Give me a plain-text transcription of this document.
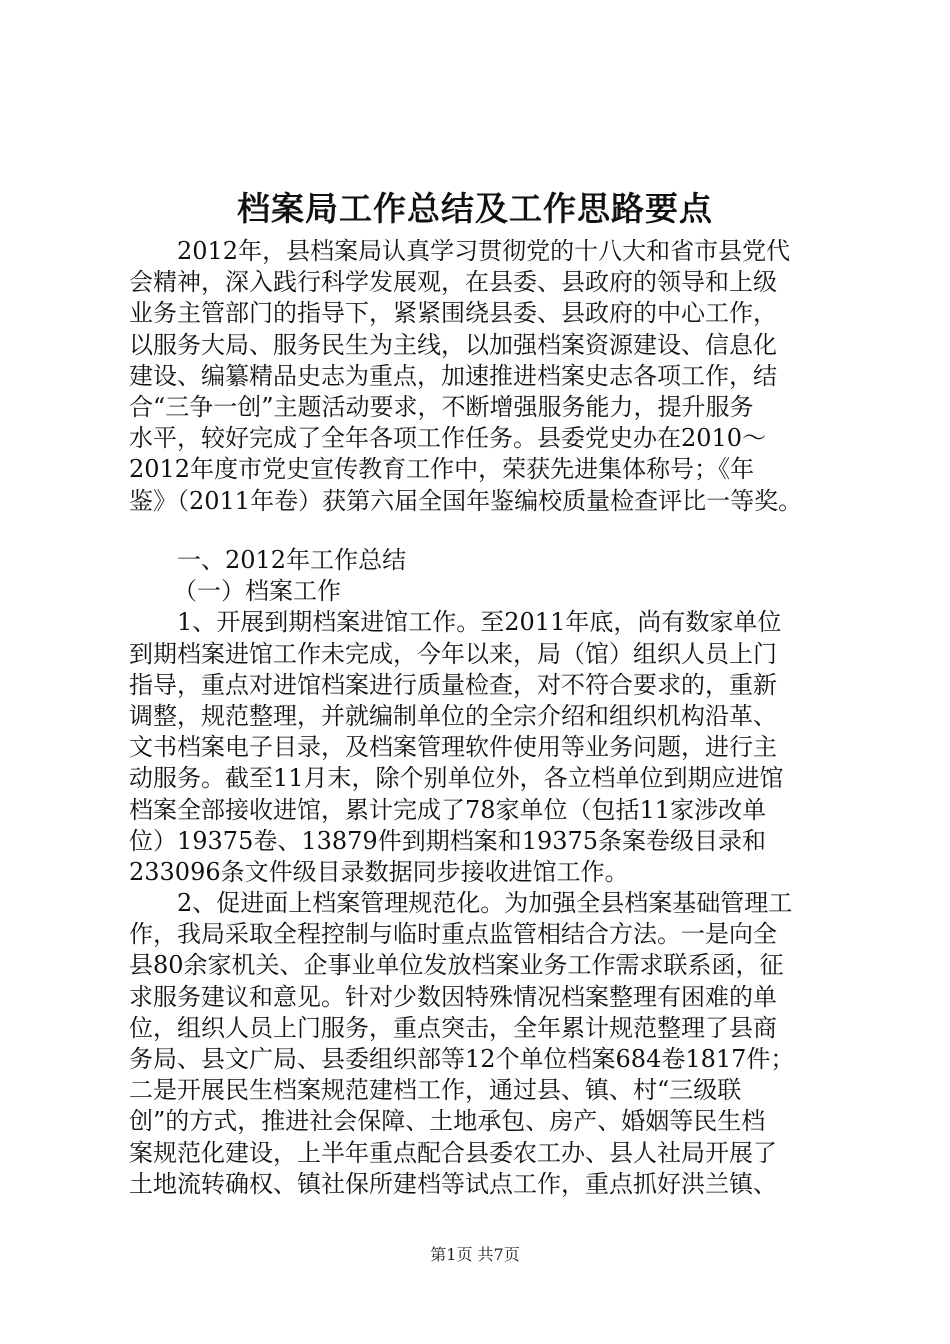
档案局工作总结及工作思路要点
2012年，县档案局认真学习贯彻党的十八大和省市县党代
会精神，深入践行科学发展观，在县委、县政府的领导和上级
业务主管部门的指导下，紧紧围绕县委、县政府的中心工作，
以服务大局、服务民生为主线，以加强档案资源建设、信息化
建设、编纂精品史志为重点，加速推进档案史志各项工作，结
合“三争一创”主题活动要求，不断增强服务能力，提升服务
水平，较好完成了全年各项工作任务。县委党史办在2010～
2012年度市党史宣传教育工作中，荣获先进集体称号；《年
鉴》（2011年卷）获第六届全国年鉴编校质量检查评比一等奖。
一、2012年工作总结
（一）档案工作
1、开展到期档案进馆工作。至2011年底，尚有数家单位
到期档案进馆工作未完成，今年以来，局（馆）组织人员上门
指导，重点对进馆档案进行质量检查，对不符合要求的，重新
调整，规范整理，并就编制单位的全宗介绍和组织机构沿革、
文书档案电子目录，及档案管理软件使用等业务问题，进行主
动服务。截至11月末，除个别单位外，各立档单位到期应进馆
档案全部接收进馆，累计完成了78家单位（包括11家涉改单
位）19375卷、13879件到期档案和19375条案卷级目录和
233096条文件级目录数据同步接收进馆工作。
2、促进面上档案管理规范化。为加强全县档案基础管理工
作，我局采取全程控制与临时重点监管相结合方法。一是向全
县80余家机关、企事业单位发放档案业务工作需求联系函，征
求服务建议和意见。针对少数因特殊情况档案整理有困难的单
位，组织人员上门服务，重点突击，全年累计规范整理了县商
务局、县文广局、县委组织部等12个单位档案684卷1817件；
二是开展民生档案规范建档工作，通过县、镇、村“三级联
创”的方式，推进社会保障、土地承包、房产、婚姻等民生档
案规范化建设，上半年重点配合县委农工办、县人社局开展了
土地流转确权、镇社保所建档等试点工作，重点抓好洪兰镇、
第1页 共7页
